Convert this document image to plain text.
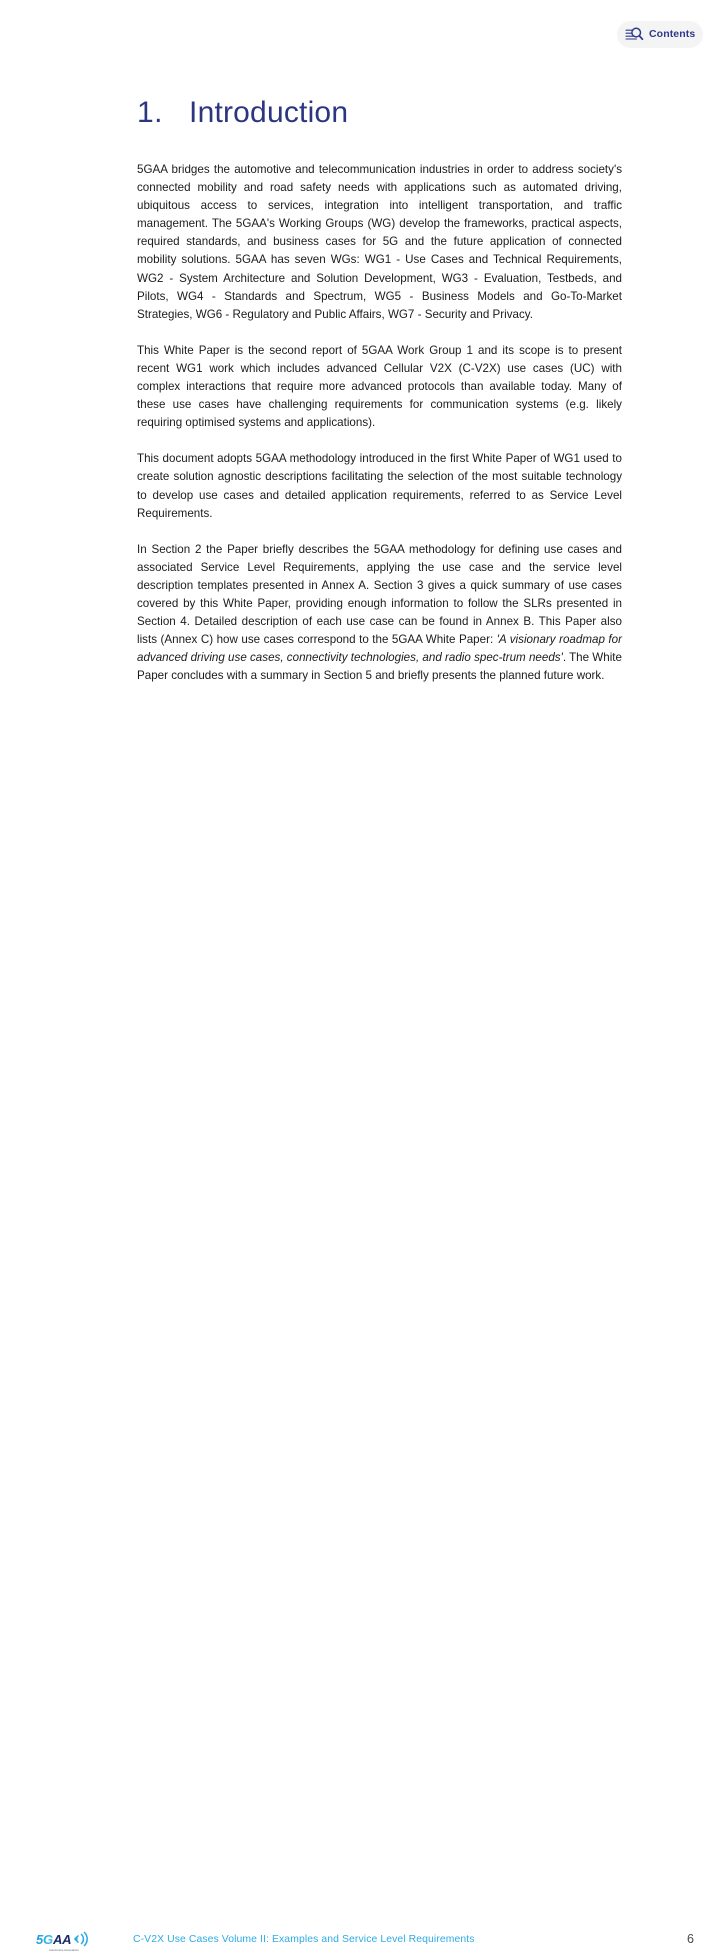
Contents
1. Introduction

5GAA bridges the automotive and telecommunication industries in order to address society's connected mobility and road safety needs with applications such as automated driving, ubiquitous access to services, integration into intelligent transportation, and traffic management. The 5GAA's Working Groups (WG) develop the frameworks, practical aspects, required standards, and business cases for 5G and the future application of connected mobility solutions. 5GAA has seven WGs: WG1 - Use Cases and Technical Requirements, WG2 - System Architecture and Solution Development, WG3 - Evaluation, Testbeds, and Pilots, WG4 - Standards and Spectrum, WG5 - Business Models and Go-To-Market Strategies, WG6 - Regulatory and Public Affairs, WG7 - Security and Privacy.

This White Paper is the second report of 5GAA Work Group 1 and its scope is to present recent WG1 work which includes advanced Cellular V2X (C-V2X) use cases (UC) with complex interactions that require more advanced protocols than available today. Many of these use cases have challenging requirements for communication systems (e.g. likely requiring optimised systems and applications).

This document adopts 5GAA methodology introduced in the first White Paper of WG1 used to create solution agnostic descriptions facilitating the selection of the most suitable technology to develop use cases and detailed application requirements, referred to as Service Level Requirements.

In Section 2 the Paper briefly describes the 5GAA methodology for defining use cases and associated Service Level Requirements, applying the use case and the service level description templates presented in Annex A. Section 3 gives a quick summary of use cases covered by this White Paper, providing enough information to follow the SLRs presented in Section 4. Detailed description of each use case can be found in Annex B. This Paper also lists (Annex C) how use cases correspond to the 5GAA White Paper: 'A visionary roadmap for advanced driving use cases, connectivity technologies, and radio spec-trum needs'. The White Paper concludes with a summary in Section 5 and briefly presents the planned future work.

5G AA
Automotive Association
C-V2X Use Cases Volume II: Examples and Service Level Requirements	6
